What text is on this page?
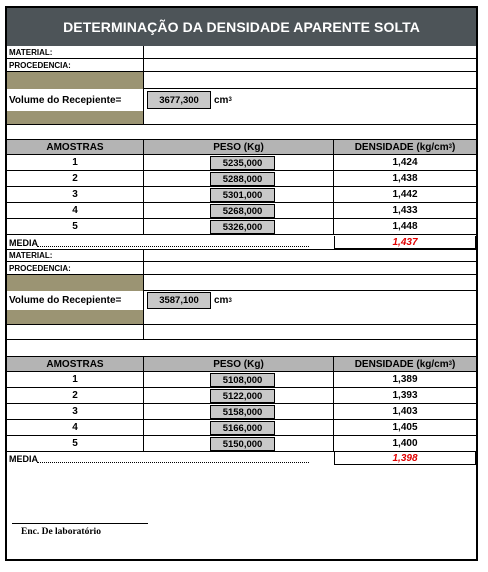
DETERMINAÇÃO DA DENSIDADE APARENTE SOLTA
MATERIAL:
PROCEDENCIA:
Volume do Recepiente=	3677,300	cm 3
AMOSTRAS	PESO (Kg)	DENSIDADE (kg/cm 3 )
1	5235,000	1,424
2	5288,000	1,438
3	5301,000	1,442
4	5268,000	1,433
5	5326,000	1,448
MEDIA	1,437
MATERIAL:
PROCEDENCIA:
Volume do Recepiente=	3587,100	cm 3
AMOSTRAS	PESO (Kg)	DENSIDADE (kg/cm 3 )
1	5108,000	1,389
2	5122,000	1,393
3	5158,000	1,403
4	5166,000	1,405
5	5150,000	1,400
MEDIA	1,398
Enc. De laboratório
